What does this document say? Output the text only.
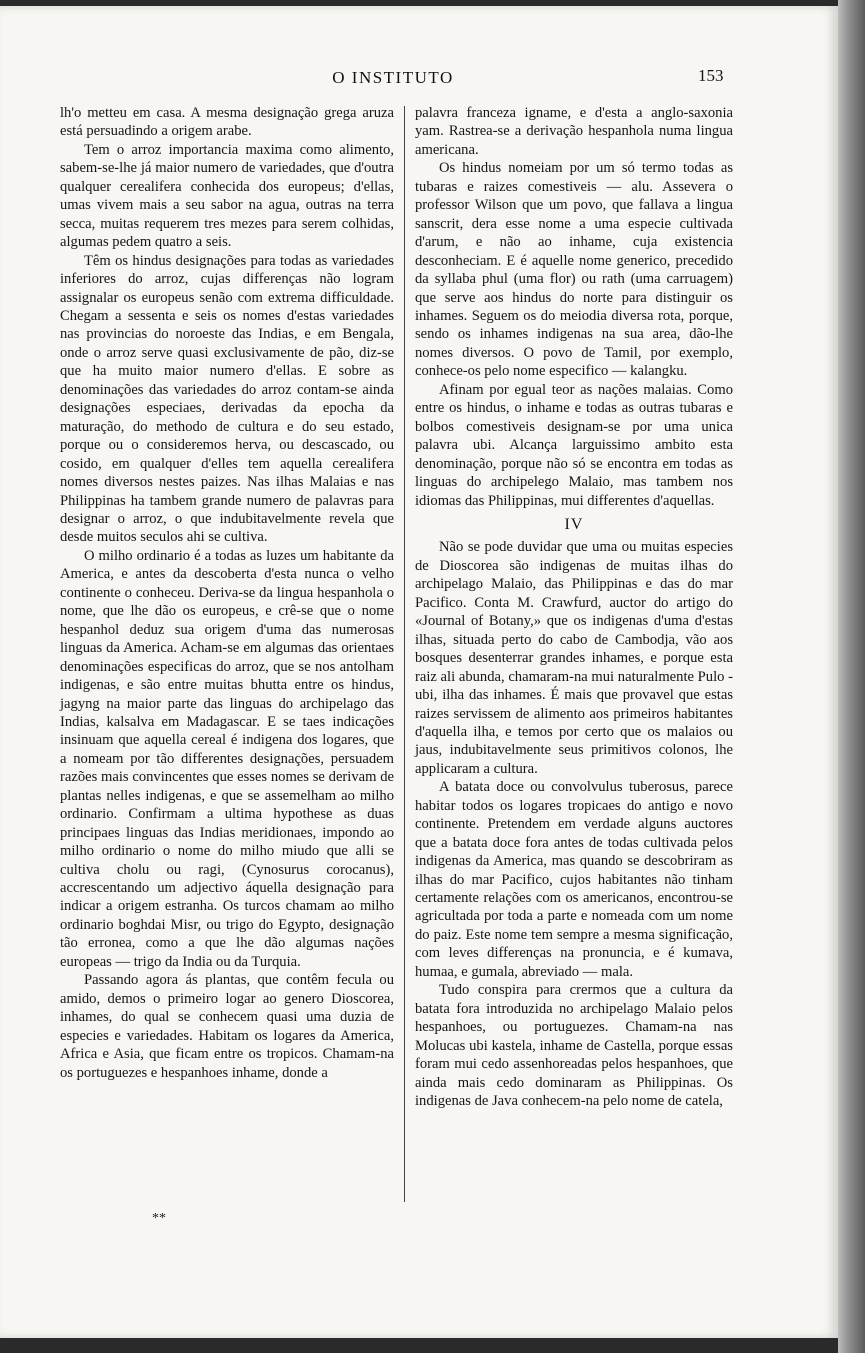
O INSTITUTO	153

lh'o metteu em casa. A mesma designação grega aruza está persuadindo a origem arabe.

Tem o arroz importancia maxima como alimento, sabem-se-lhe já maior numero de variedades, que d'outra qualquer cerealifera conhecida dos europeus; d'ellas, umas vivem mais a seu sabor na agua, outras na terra secca, muitas requerem tres mezes para serem colhidas, algumas pedem quatro a seis.

Têm os hindus designações para todas as variedades inferiores do arroz, cujas differenças não logram assignalar os europeus senão com extrema difficuldade. Chegam a sessenta e seis os nomes d'estas variedades nas provincias do noroeste das Indias, e em Bengala, onde o arroz serve quasi exclusivamente de pão, diz-se que ha muito maior numero d'ellas. E sobre as denominações das variedades do arroz contam-se ainda designações especiaes, derivadas da epocha da maturação, do methodo de cultura e do seu estado, porque ou o consideremos herva, ou descascado, ou cosido, em qualquer d'elles tem aquella cerealifera nomes diversos nestes paizes. Nas ilhas Malaias e nas Philippinas ha tambem grande numero de palavras para designar o arroz, o que indubitavelmente revela que desde muitos seculos ahi se cultiva.

O milho ordinario é a todas as luzes um habitante da America, e antes da descoberta d'esta nunca o velho continente o conheceu. Deriva-se da lingua hespanhola o nome, que lhe dão os europeus, e crê-se que o nome hespanhol deduz sua origem d'uma das numerosas linguas da America. Acham-se em algumas das orientaes denominações especificas do arroz, que se nos antolham indigenas, e são entre muitas bhutta entre os hindus, jagyng na maior parte das linguas do archipelago das Indias, kalsalva em Madagascar. E se taes indicações insinuam que aquella cereal é indigena dos logares, que a nomeam por tão differentes designações, persuadem razões mais convincentes que esses nomes se derivam de plantas nelles indigenas, e que se assemelham ao milho ordinario. Confirmam a ultima hypothese as duas principaes linguas das Indias meridionaes, impondo ao milho ordinario o nome do milho miudo que alli se cultiva cholu ou ragi, (Cynosurus corocanus), accrescentando um adjectivo áquella designação para indicar a origem estranha. Os turcos chamam ao milho ordinario boghdai Misr, ou trigo do Egypto, designação tão erronea, como a que lhe dão algumas nações europeas — trigo da India ou da Turquia.

Passando agora ás plantas, que contêm fecula ou amido, demos o primeiro logar ao genero Dioscorea, inhames, do qual se conhecem quasi uma duzia de especies e variedades. Habitam os logares da America, Africa e Asia, que ficam entre os tropicos. Chamam-na os portuguezes e hespanhoes inhame, donde a

palavra franceza igname, e d'esta a anglo-saxonia yam. Rastrea-se a derivação hespanhola numa lingua americana.

Os hindus nomeiam por um só termo todas as tubaras e raizes comestiveis — alu. Assevera o professor Wilson que um povo, que fallava a lingua sanscrit, dera esse nome a uma especie cultivada d'arum, e não ao inhame, cuja existencia desconheciam. E é aquelle nome generico, precedido da syllaba phul (uma flor) ou rath (uma carruagem) que serve aos hindus do norte para distinguir os inhames. Seguem os do meiodia diversa rota, porque, sendo os inhames indigenas na sua area, dão-lhe nomes diversos. O povo de Tamil, por exemplo, conhece-os pelo nome especifico — kalangku.

Afinam por egual teor as nações malaias. Como entre os hindus, o inhame e todas as outras tubaras e bolbos comestiveis designam-se por uma unica palavra ubi. Alcança larguissimo ambito esta denominação, porque não só se encontra em todas as linguas do archipelego Malaio, mas tambem nos idiomas das Philippinas, mui differentes d'aquellas.

IV

Não se pode duvidar que uma ou muitas especies de Dioscorea são indigenas de muitas ilhas do archipelago Malaio, das Philippinas e das do mar Pacifico. Conta M. Crawfurd, auctor do artigo do «Journal of Botany,» que os indigenas d'uma d'estas ilhas, situada perto do cabo de Cambodja, vão aos bosques desenterrar grandes inhames, e porque esta raiz ali abunda, chamaram-na mui naturalmente Pulo -ubi, ilha das inhames. É mais que provavel que estas raizes servissem de alimento aos primeiros habitantes d'aquella ilha, e temos por certo que os malaios ou jaus, indubitavelmente seus primitivos colonos, lhe applicaram a cultura.

A batata doce ou convolvulus tuberosus, parece habitar todos os logares tropicaes do antigo e novo continente. Pretendem em verdade alguns auctores que a batata doce fora antes de todas cultivada pelos indigenas da America, mas quando se descobriram as ilhas do mar Pacifico, cujos habitantes não tinham certamente relações com os americanos, encontrou-se agricultada por toda a parte e nomeada com um nome do paiz. Este nome tem sempre a mesma significação, com leves differenças na pronuncia, e é kumava, humaa, e gumala, abreviado — mala.

Tudo conspira para crermos que a cultura da batata fora introduzida no archipelago Malaio pelos hespanhoes, ou portuguezes. Chamam-na nas Molucas ubi kastela, inhame de Castella, porque essas foram mui cedo assenhoreadas pelos hespanhoes, que ainda mais cedo dominaram as Philippinas. Os indigenas de Java conhecem-na pelo nome de catela,

**
